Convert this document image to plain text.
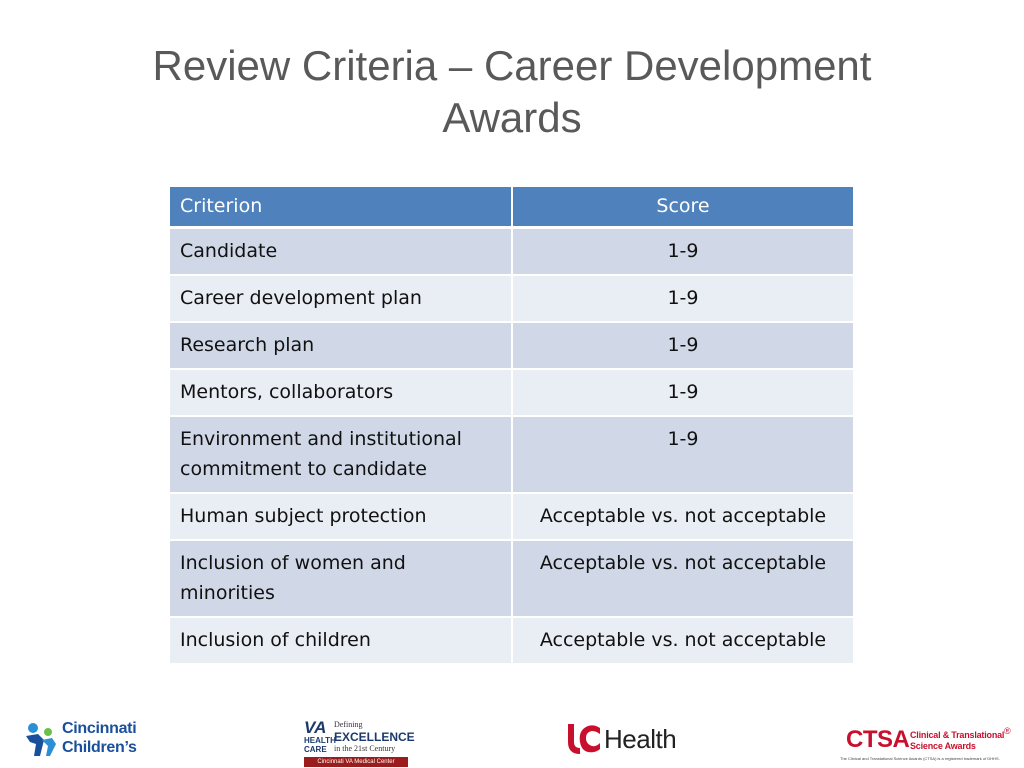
Review Criteria – Career Development
Awards
Criterion	Score
Candidate	1-9
Career development plan	1-9
Research plan	1-9
Mentors, collaborators	1-9
Environment and institutional commitment to candidate	1-9
Human subject protection	Acceptable vs. not acceptable
Inclusion of women and minorities	Acceptable vs. not acceptable
Inclusion of children	Acceptable vs. not acceptable
Cincinnati
Children’s
VA
HEALTH
CARE
Defining
EXCELLENCE
in the 21st Century
Cincinnati VA Medical Center
Health	CTSA Clinical & Translational
Science Awards
®
The Clinical and Translational Science Awards (CTSA) is a registered trademark of DHHS.
